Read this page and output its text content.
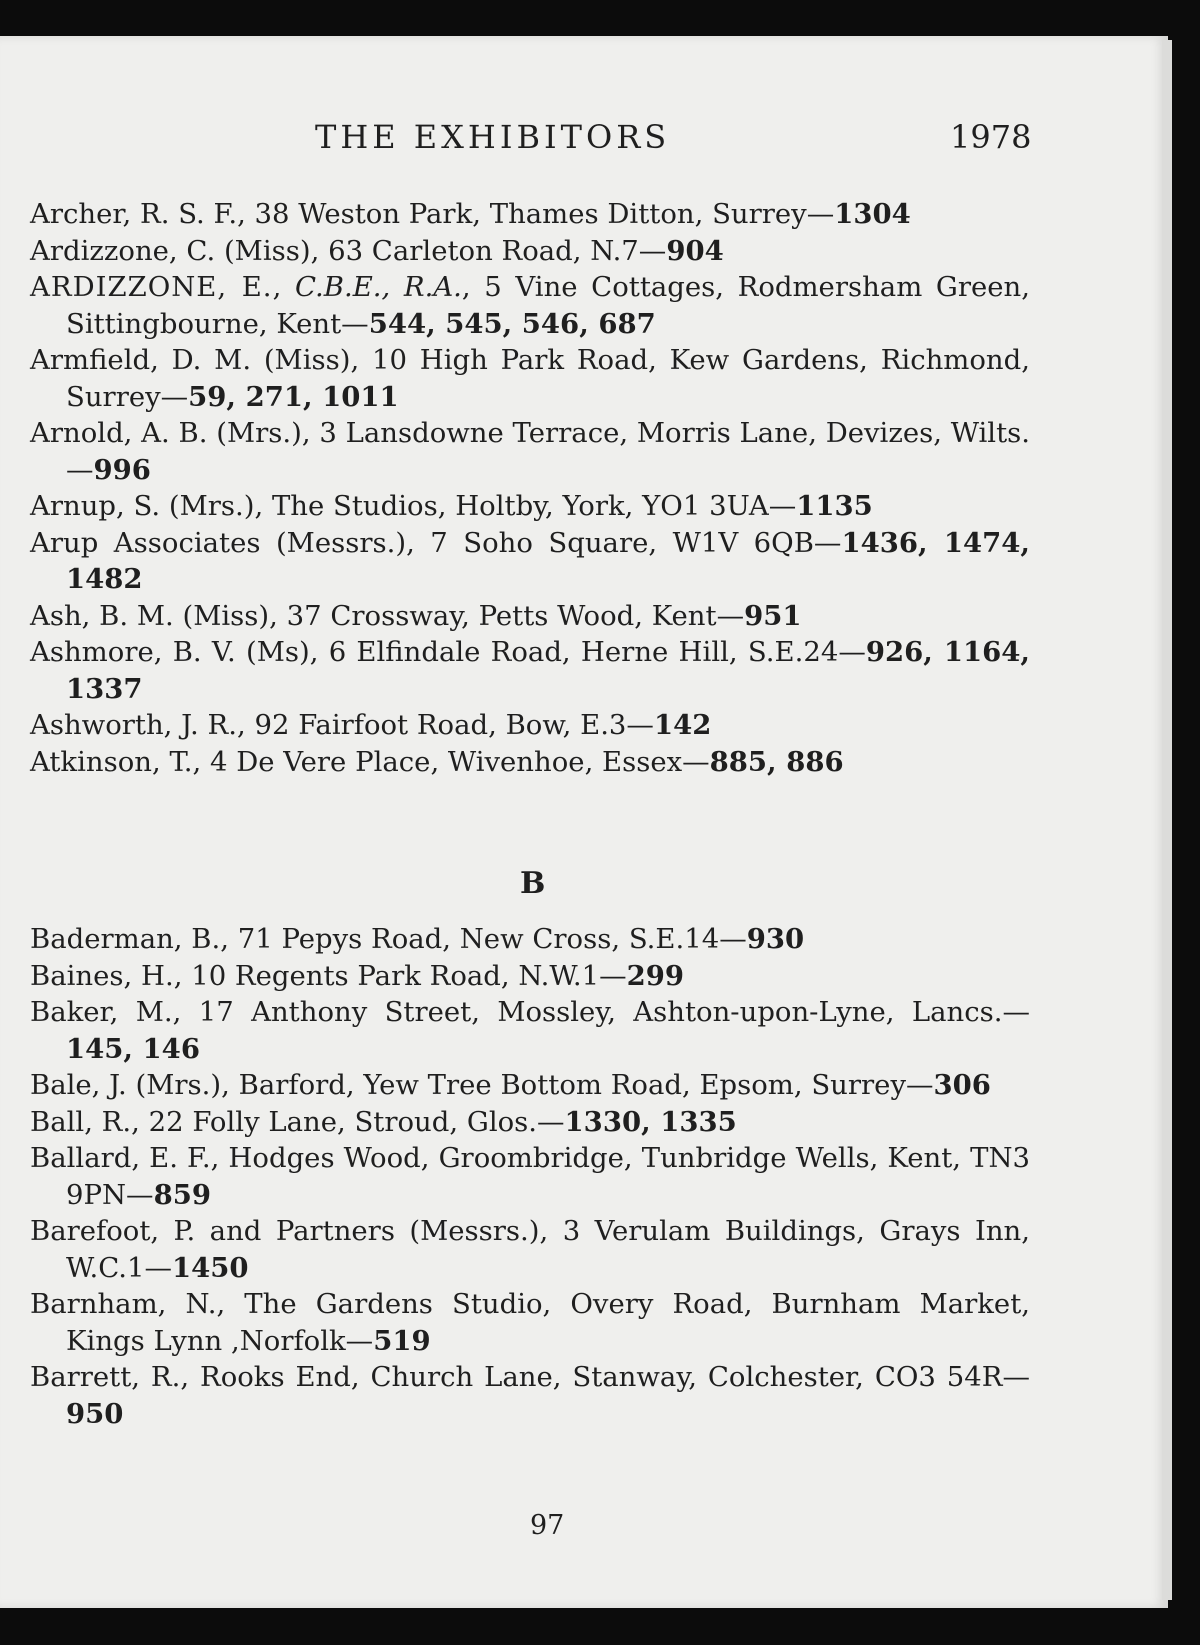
THE EXHIBITORS	1978

Archer, R. S. F., 38 Weston Park, Thames Ditton, Surrey—1304

Ardizzone, C. (Miss), 63 Carleton Road, N.7—904

ARDIZZONE, E., C.B.E., R.A., 5 Vine Cottages, Rodmersham Green, Sittingbourne, Kent—544, 545, 546, 687

Armfield, D. M. (Miss), 10 High Park Road, Kew Gardens, Richmond, Surrey—59, 271, 1011

Arnold, A. B. (Mrs.), 3 Lansdowne Terrace, Morris Lane, Devizes, Wilts.—996

Arnup, S. (Mrs.), The Studios, Holtby, York, YO1 3UA—1135

Arup Associates (Messrs.), 7 Soho Square, W1V 6QB—1436, 1474, 1482

Ash, B. M. (Miss), 37 Crossway, Petts Wood, Kent—951

Ashmore, B. V. (Ms), 6 Elfindale Road, Herne Hill, S.E.24—926, 1164, 1337

Ashworth, J. R., 92 Fairfoot Road, Bow, E.3—142

Atkinson, T., 4 De Vere Place, Wivenhoe, Essex—885, 886

B

Baderman, B., 71 Pepys Road, New Cross, S.E.14—930

Baines, H., 10 Regents Park Road, N.W.1—299

Baker, M., 17 Anthony Street, Mossley, Ashton-upon-Lyne, Lancs.—145, 146

Bale, J. (Mrs.), Barford, Yew Tree Bottom Road, Epsom, Surrey—306

Ball, R., 22 Folly Lane, Stroud, Glos.—1330, 1335

Ballard, E. F., Hodges Wood, Groombridge, Tunbridge Wells, Kent, TN3 9PN—859

Barefoot, P. and Partners (Messrs.), 3 Verulam Buildings, Grays Inn, W.C.1—1450

Barnham, N., The Gardens Studio, Overy Road, Burnham Market, Kings Lynn ,Norfolk—519

Barrett, R., Rooks End, Church Lane, Stanway, Colchester, CO3 54R—950

97
